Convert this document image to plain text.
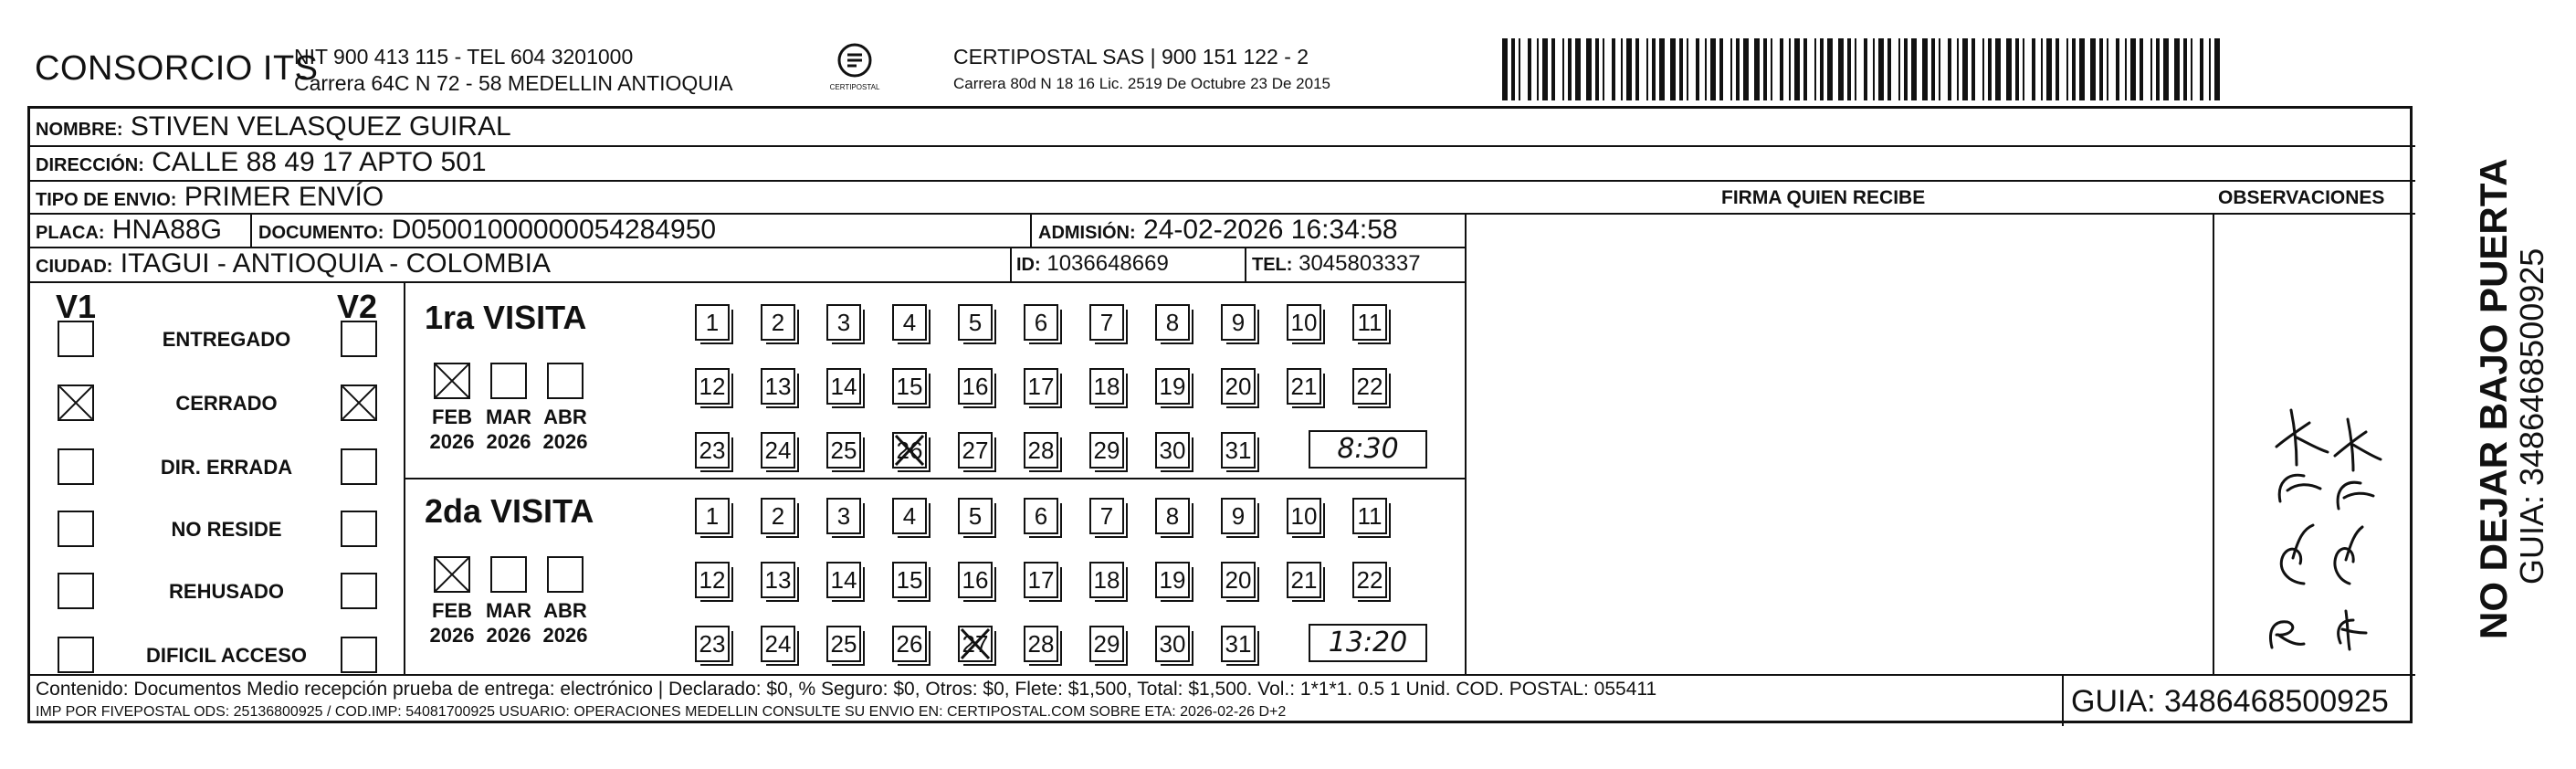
CONSORCIO ITS
NIT 900 413 115 - TEL 604 3201000
Carrera 64C N 72 - 58 MEDELLIN ANTIOQUIA	CERTIPOSTAL
CERTIPOSTAL SAS | 900 151 122 - 2
Carrera 80d N 18 16 Lic. 2519 De Octubre 23 De 2015
NOMBRE: STIVEN VELASQUEZ GUIRAL
DIRECCIÓN: CALLE 88 49 17 APTO 501
TIPO DE ENVIO: PRIMER ENVÍO	FIRMA QUIEN RECIBE	OBSERVACIONES
PLACA: HNA88G DOCUMENTO: D05001000000054284950	ADMISIÓN: 24-02-2026 16:34:58
CIUDAD: ITAGUI - ANTIOQUIA - COLOMBIA	ID: 1036648669	TEL: 3045803337
V1	V2
ENTREGADO
CERRADO
DIR. ERRADA
NO RESIDE
REHUSADO
DIFICIL ACCESO
1ra VISITA
FEB
2026
MAR
2026
ABR
2026
1	2	3	4	5	6	7	8	9	10 11
12 13 14 15 16 17 18 19 20 21 22
23 24 25 26 27 28 29 30 31	8:30
2da VISITA
FEB
2026
MAR
2026
ABR
2026
1	2	3	4	5	6	7	8	9	10 11
12 13 14 15 16 17 18 19 20 21 22
23 24 25 26 27 28 29 30 31	13:20
Contenido: Documentos Medio recepción prueba de entrega: electrónico | Declarado: $0, % Seguro: $0, Otros: $0, Flete: $1,500, Total: $1,500. Vol.: 1*1*1. 0.5 1 Unid. COD. POSTAL: 055411
IMP POR FIVEPOSTAL ODS: 25136800925 / COD.IMP: 54081700925 USUARIO: OPERACIONES MEDELLIN CONSULTE SU ENVIO EN: CERTIPOSTAL.COM SOBRE ETA: 2026-02-26 D+2	GUIA: 3486468500925
NO DEJAR BAJO PUERTA
GUIA: 3486468500925
